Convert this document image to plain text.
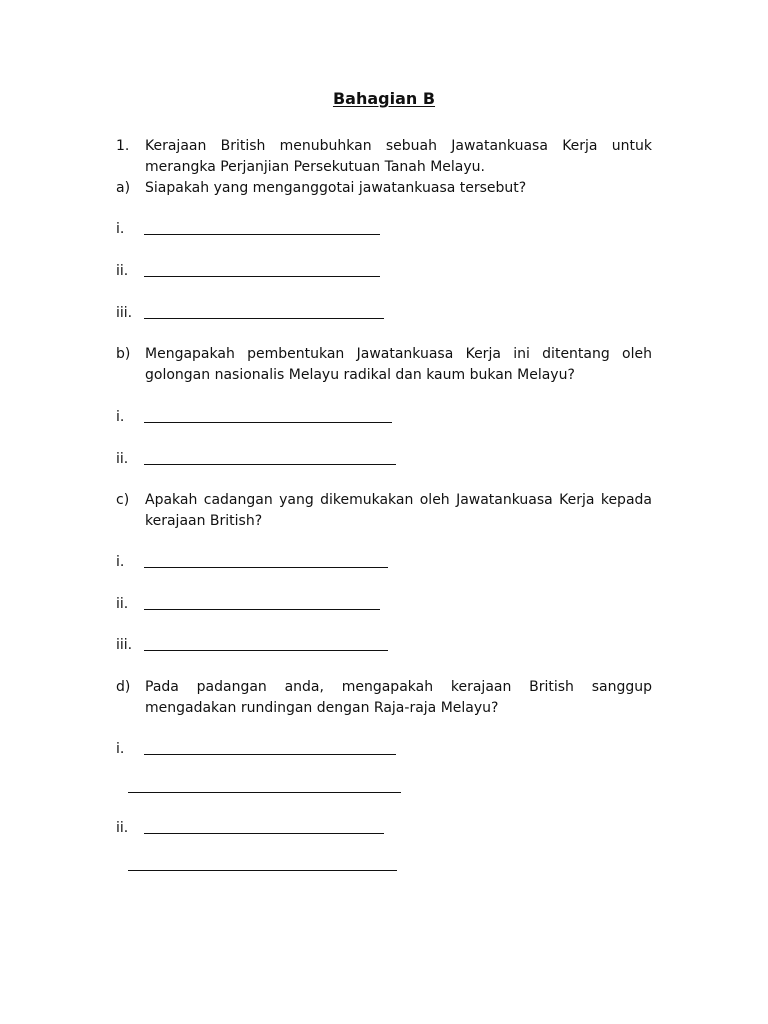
Bahagian B
1. Kerajaan British menubuhkan sebuah Jawatankuasa Kerja untuk merangka Perjanjian Persekutuan Tanah Melayu.
a) Siapakah yang menganggotai jawatankuasa tersebut?
i.
ii.
iii.
b) Mengapakah pembentukan Jawatankuasa Kerja ini ditentang oleh golongan nasionalis Melayu radikal dan kaum bukan Melayu?
i.
ii.
c) Apakah cadangan yang dikemukakan oleh Jawatankuasa Kerja kepada kerajaan British?
i.
ii.
iii.
d) Pada padangan anda, mengapakah kerajaan British sanggup mengadakan rundingan dengan Raja-raja Melayu?
i.
ii.
